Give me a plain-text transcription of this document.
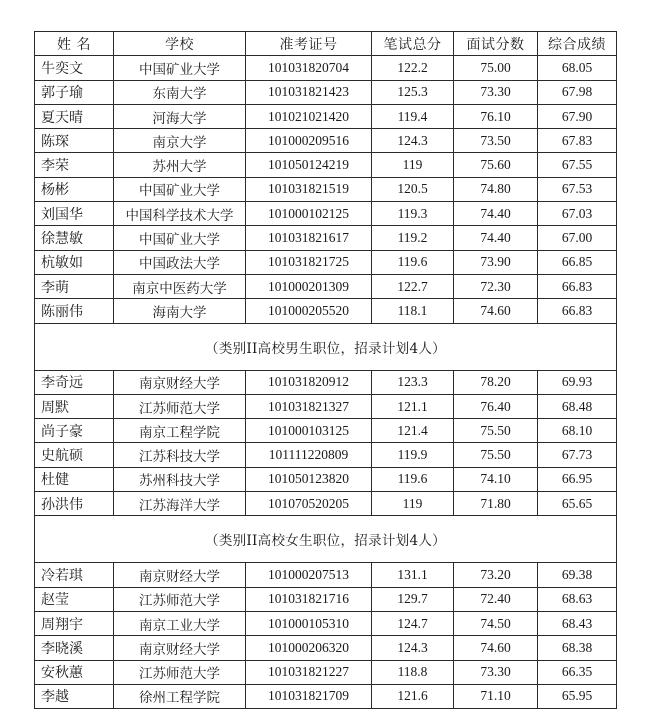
姓 名	学校	准考证号	笔试总分	面试分数	综合成绩
牛奕文	中国矿业大学	101031820704	122.2	75.00	68.05
郭子瑜	东南大学	101031821423	125.3	73.30	67.98
夏天晴	河海大学	101021021420	119.4	76.10	67.90
陈琛	南京大学	101000209516	124.3	73.50	67.83
李荣	苏州大学	101050124219	119	75.60	67.55
杨彬	中国矿业大学	101031821519	120.5	74.80	67.53
刘国华	中国科学技术大学	101000102125	119.3	74.40	67.03
徐慧敏	中国矿业大学	101031821617	119.2	74.40	67.00
杭敏如	中国政法大学	101031821725	119.6	73.90	66.85
李萌	南京中医药大学	101000201309	122.7	72.30	66.83
陈丽伟	海南大学	101000205520	118.1	74.60	66.83
（类别II高校男生职位，招录计划4人）					
李奇远	南京财经大学	101031820912	123.3	78.20	69.93
周默	江苏师范大学	101031821327	121.1	76.40	68.48
尚子豪	南京工程学院	101000103125	121.4	75.50	68.10
史航硕	江苏科技大学	101111220809	119.9	75.50	67.73
杜健	苏州科技大学	101050123820	119.6	74.10	66.95
孙洪伟	江苏海洋大学	101070520205	119	71.80	65.65
（类别II高校女生职位，招录计划4人）					
冷若琪	南京财经大学	101000207513	131.1	73.20	69.38
赵莹	江苏师范大学	101031821716	129.7	72.40	68.63
周翔宇	南京工业大学	101000105310	124.7	74.50	68.43
李晓溪	南京财经大学	101000206320	124.3	74.60	68.38
安秋蕙	江苏师范大学	101031821227	118.8	73.30	66.35
李越	徐州工程学院	101031821709	121.6	71.10	65.95
